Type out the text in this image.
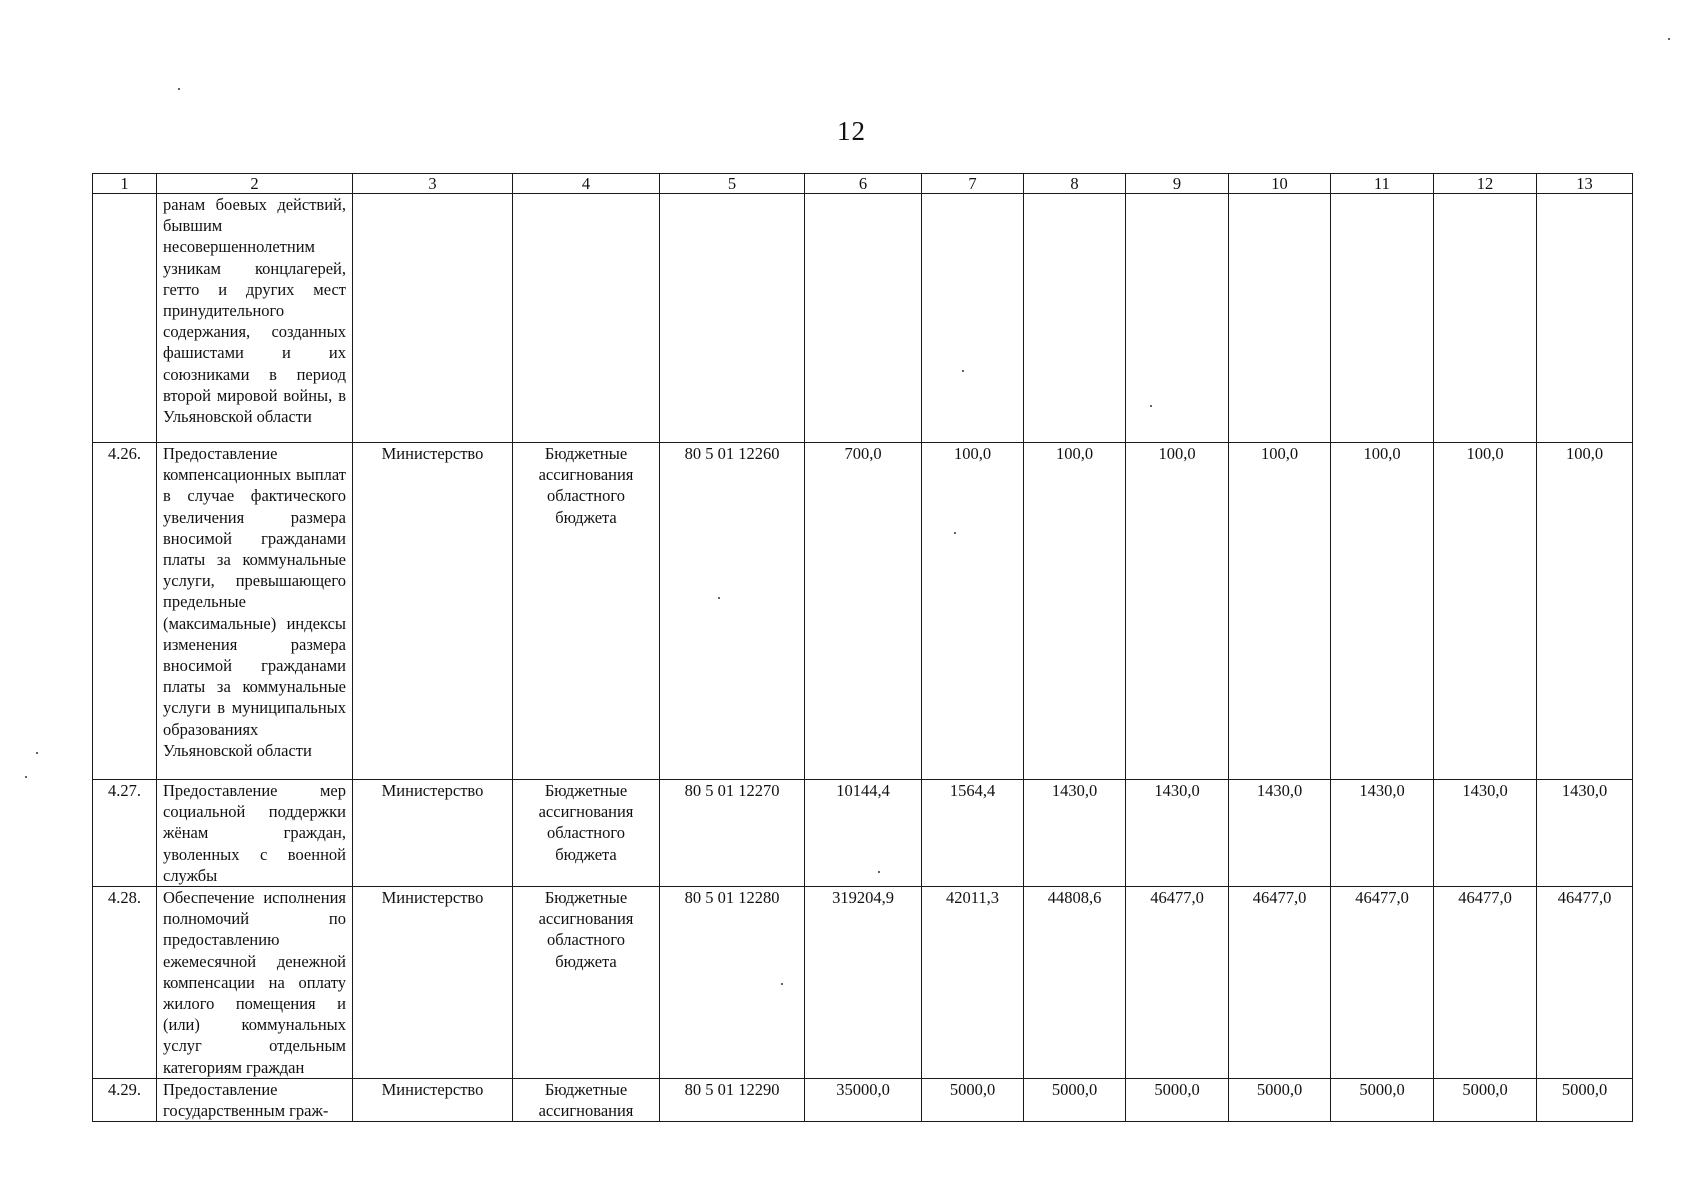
12
1	2	3	4	5	6	7	8	9	10	11	12	13
	ранам боевых действий, бывшим несовершеннолетним узникам концлагерей, гетто и других мест принудительного содержания, созданных фашистами и их союзниками в период второй мировой войны, в Ульяновской области											
4.26.	Предоставление компенсационных выплат в случае фактического увеличения размера вносимой гражданами платы за коммунальные услуги, превышающего предельные (максимальные) индексы изменения размера вносимой гражданами платы за коммунальные услуги в муниципальных образованиях Ульяновской области	Министерство	Бюджетные ассигнования областного бюджета	80 5 01 12260	700,0	100,0	100,0	100,0	100,0	100,0	100,0	100,0
4.27.	Предоставление мер социальной поддержки жёнам граждан, уволенных с военной службы	Министерство	Бюджетные ассигнования областного бюджета	80 5 01 12270	10144,4	1564,4	1430,0	1430,0	1430,0	1430,0	1430,0	1430,0
4.28.	Обеспечение исполнения полномочий по предоставлению ежемесячной денежной компенсации на оплату жилого помещения и (или) коммунальных услуг отдельным категориям граждан	Министерство	Бюджетные ассигнования областного бюджета	80 5 01 12280	319204,9	42011,3	44808,6	46477,0	46477,0	46477,0	46477,0	46477,0
4.29.	Предоставление государственным граж-	Министерство	Бюджетные ассигнования	80 5 01 12290	35000,0	5000,0	5000,0	5000,0	5000,0	5000,0	5000,0	5000,0
